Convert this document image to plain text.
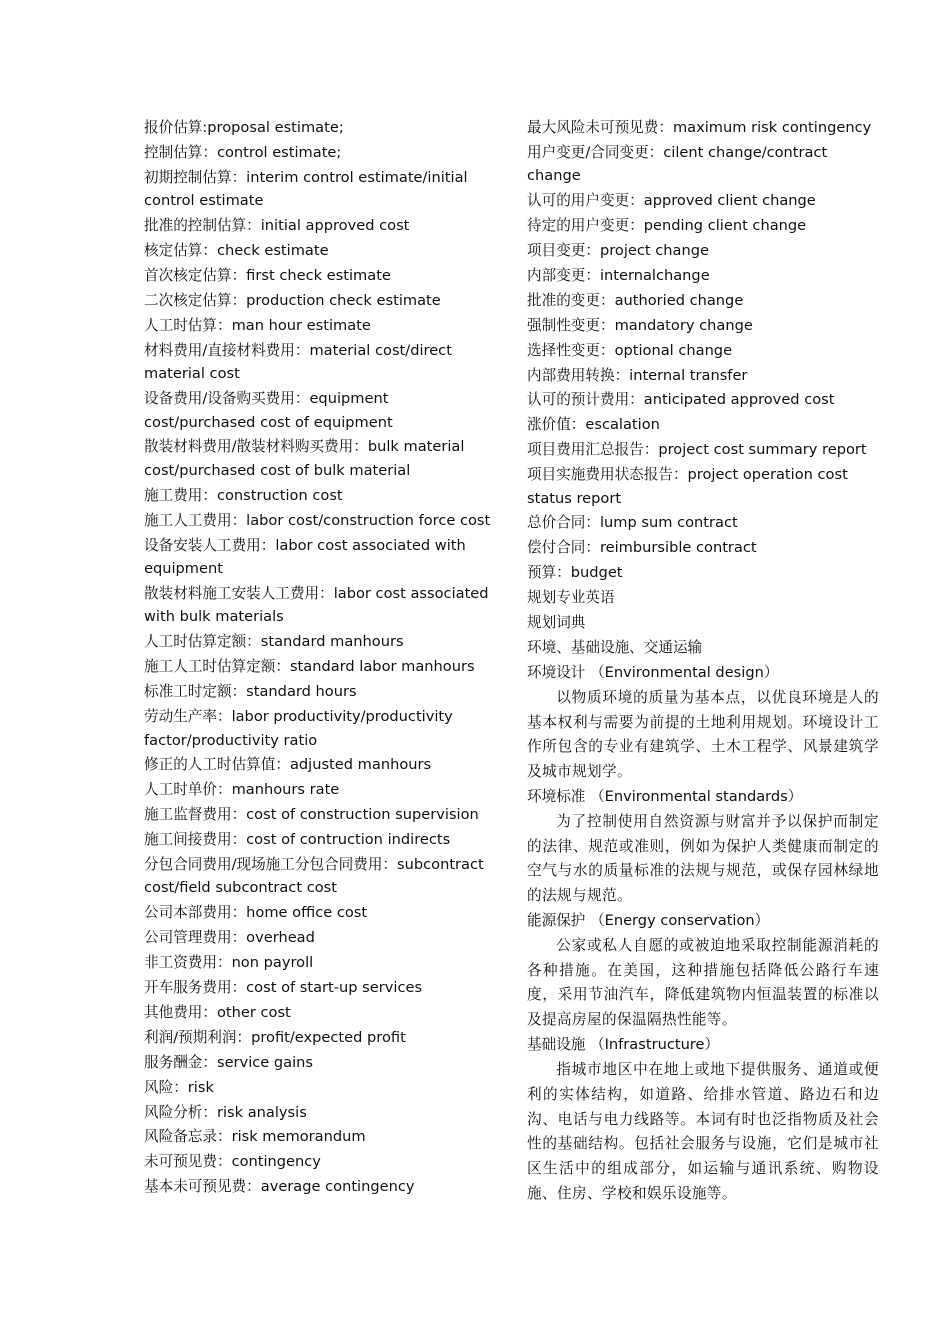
报价估算:proposal estimate;
控制估算：control estimate;
初期控制估算：interim control estimate/initial control estimate
批准的控制估算：initial approved cost
核定估算：check estimate
首次核定估算：first check estimate
二次核定估算：production check estimate
人工时估算：man hour estimate
材料费用/直接材料费用：material cost/direct material cost
设备费用/设备购买费用：equipment cost/purchased cost of equipment
散装材料费用/散装材料购买费用：bulk material cost/purchased cost of bulk material
施工费用：construction cost
施工人工费用：labor cost/construction force cost
设备安装人工费用：labor cost associated with equipment
散装材料施工安装人工费用：labor cost associated with bulk materials
人工时估算定额：standard manhours
施工人工时估算定额：standard labor manhours
标准工时定额：standard hours
劳动生产率：labor productivity/productivity factor/productivity ratio
修正的人工时估算值：adjusted manhours
人工时单价：manhours rate
施工监督费用：cost of construction supervision
施工间接费用：cost of contruction indirects
分包合同费用/现场施工分包合同费用：subcontract cost/field subcontract cost
公司本部费用：home office cost
公司管理费用：overhead
非工资费用：non payroll
开车服务费用：cost of start-up services
其他费用：other cost
利润/预期利润：profit/expected profit
服务酬金：service gains
风险：risk
风险分析：risk analysis
风险备忘录：risk memorandum
未可预见费：contingency
基本未可预见费：average contingency
最大风险未可预见费：maximum risk contingency
用户变更/合同变更：cilent change/contract change
认可的用户变更：approved client change
待定的用户变更：pending client change
项目变更：project change
内部变更：internalchange
批准的变更：authoried change
强制性变更：mandatory change
选择性变更：optional change
内部费用转换：internal transfer
认可的预计费用：anticipated approved cost
涨价值：escalation
项目费用汇总报告：project cost summary report
项目实施费用状态报告：project operation cost status report
总价合同：lump sum contract
偿付合同：reimbursible contract
预算：budget
规划专业英语
规划词典
环境、基础设施、交通运输
环境设计 （Environmental design）

以物质环境的质量为基本点，以优良环境是人的基本权利与需要为前提的土地利用规划。环境设计工作所包含的专业有建筑学、土木工程学、风景建筑学及城市规划学。

环境标准 （Environmental standards）

为了控制使用自然资源与财富并予以保护而制定的法律、规范或准则，例如为保护人类健康而制定的空气与水的质量标准的法规与规范，或保存园林绿地的法规与规范。

能源保护 （Energy conservation）

公家或私人自愿的或被迫地采取控制能源消耗的各种措施。在美国，这种措施包括降低公路行车速度，采用节油汽车，降低建筑物内恒温装置的标准以及提高房屋的保温隔热性能等。

基础设施 （Infrastructure）

指城市地区中在地上或地下提供服务、通道或便利的实体结构，如道路、给排水管道、路边石和边沟、电话与电力线路等。本词有时也泛指物质及社会性的基础结构。包括社会服务与设施，它们是城市社区生活中的组成部分，如运输与通讯系统、购物设施、住房、学校和娱乐设施等。
